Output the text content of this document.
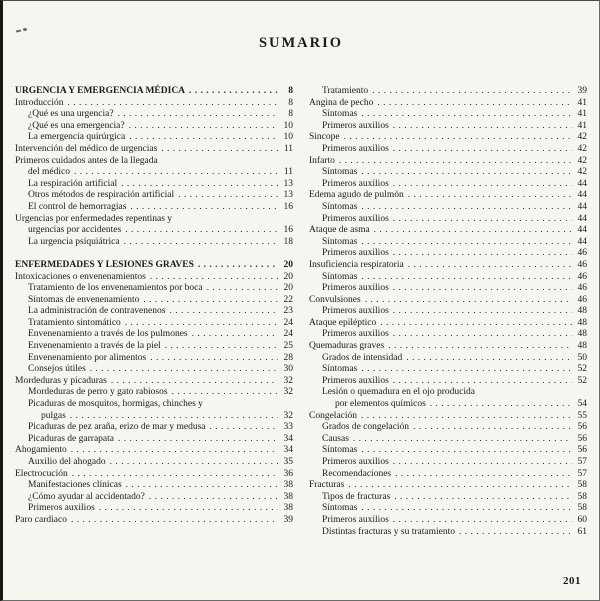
SUMARIO
URGENCIA Y EMERGENCIA MÉDICA . . .	8
Introducción . . .	8
¿Qué es una urgencia? . . .	8
¿Qué es una emergencia? . . .	10
La emergencia quirúrgica . . .	10
Intervención del médico de urgencias . . .	11
Primeros cuidados antes de la llegada
del médico . . .	11
La respiración artificial . . .	13
Otros métodos de respiración artificial . . .	13
El control de hemorragias . . .	16
Urgencias por enfermedades repentinas y
urgencias por accidentes . . .	16
La urgencia psiquiátrica . . .	18
ENFERMEDADES Y LESIONES GRAVES . . .	20
Intoxicaciones o envenenamientos . . .	20
Tratamiento de los envenenamientos por boca . . .	20
Síntomas de envenenamiento . . .	22
La administración de contravenenos . . .	23
Tratamiento sintomático . . .	24
Envenenamiento a través de los pulmones . . .	24
Envenenamiento a través de la piel . . .	25
Envenenamiento por alimentos . . .	28
Consejos útiles . . .	30
Mordeduras y picaduras . . .	32
Mordeduras de perro y gato rabiosos . . .	32
Picaduras de mosquitos, hormigas, chinches y
pulgas . . .	32
Picaduras de pez araña, erizo de mar y medusa . . .	33
Picaduras de garrapata . . .	34
Ahogamiento . . .	34
Auxilio del ahogado . . .	35
Electrocución . . .	36
Manifestaciones clínicas . . .	38
¿Cómo ayudar al accidentado? . . .	38
Primeros auxilios . . .	38
Paro cardiaco . . .	39
Tratamiento . . .	39
Angina de pecho . . .	41
Síntomas . . .	41
Primeros auxilios . . .	41
Sincope . . .	42
Primeros auxilios . . .	42
Infarto . . .	42
Síntomas . . .	42
Primeros auxilios . . .	44
Edema agudo de pulmón . . .	44
Síntomas . . .	44
Primeros auxilios . . .	44
Ataque de asma . . .	44
Síntomas . . .	44
Primeros auxilios . . .	46
Insuficiencia respiratoria . . .	46
Síntomas . . .	46
Primeros auxilios . . .	46
Convulsiones . . .	46
Primeros auxilios . . .	48
Ataque epiléptico . . .	48
Primeros auxilios . . .	48
Quemaduras graves . . .	48
Grados de intensidad . . .	50
Síntomas . . .	52
Primeros auxilios . . .	52
Lesión o quemadura en el ojo producida
por elementos químicos . . .	54
Congelación . . .	55
Grados de congelación . . .	56
Causas . . .	56
Síntomas . . .	56
Primeros auxilios . . .	57
Recomendaciones . . .	57
Fracturas . . .	58
Tipos de fracturas . . .	58
Síntomas . . .	58
Primeros auxilios . . .	60
Distintas fracturas y su tratamiento . . .	61
201
